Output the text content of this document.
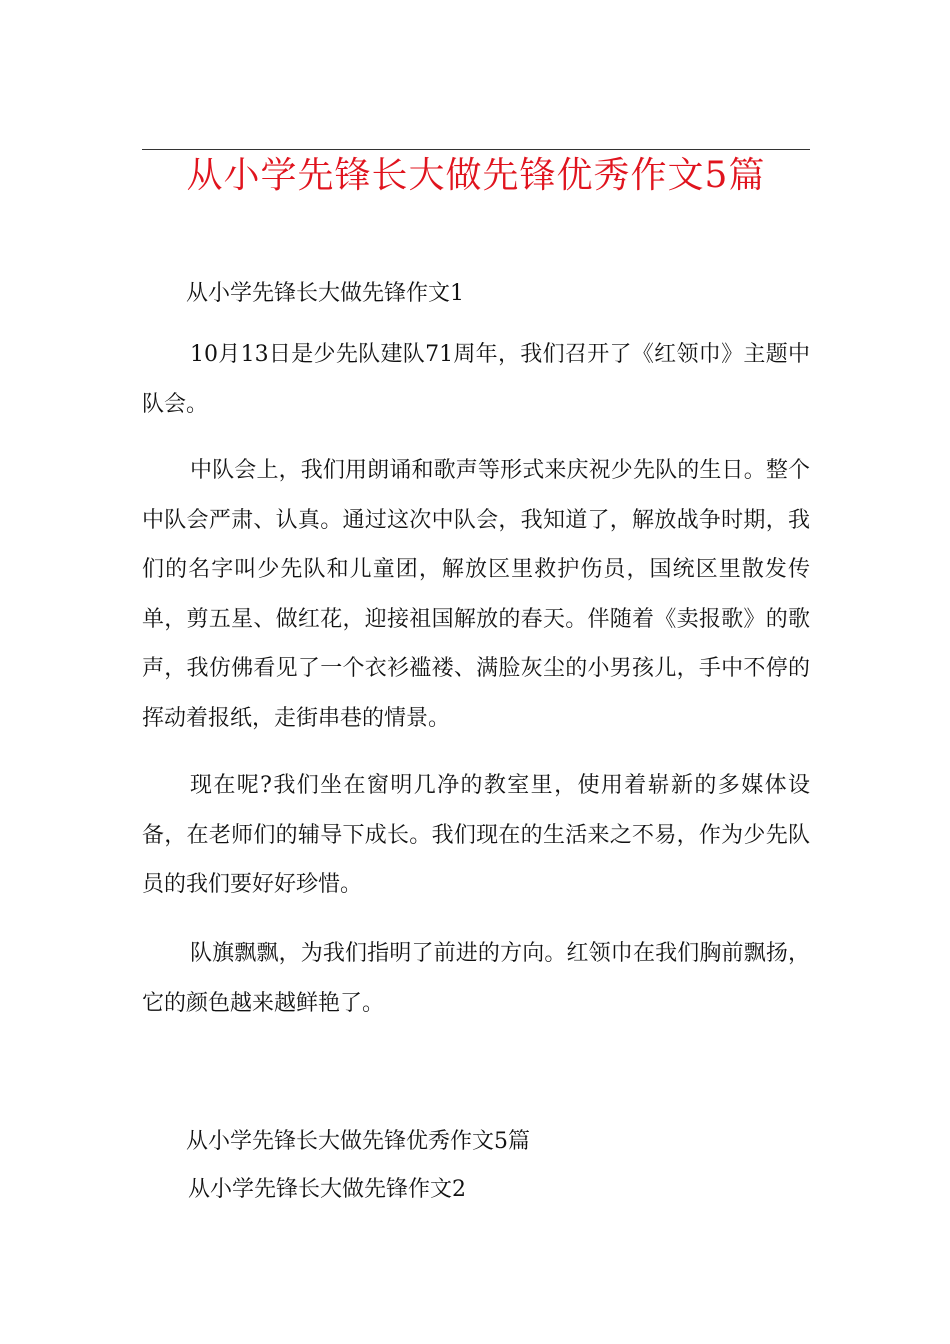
从小学先锋长大做先锋优秀作文5篇
从小学先锋长大做先锋作文1

10月13日是少先队建队71周年，我们召开了《红领巾》主题中队会。

中队会上，我们用朗诵和歌声等形式来庆祝少先队的生日。整个中队会严肃、认真。通过这次中队会，我知道了，解放战争时期，我们的名字叫少先队和儿童团，解放区里救护伤员，国统区里散发传单，剪五星、做红花，迎接祖国解放的春天。伴随着《卖报歌》的歌声，我仿佛看见了一个衣衫褴褛、满脸灰尘的小男孩儿，手中不停的挥动着报纸，走街串巷的情景。

现在呢?我们坐在窗明几净的教室里，使用着崭新的多媒体设备，在老师们的辅导下成长。我们现在的生活来之不易，作为少先队员的我们要好好珍惜。

队旗飘飘，为我们指明了前进的方向。红领巾在我们胸前飘扬，它的颜色越来越鲜艳了。

从小学先锋长大做先锋优秀作文5篇
从小学先锋长大做先锋作文2
